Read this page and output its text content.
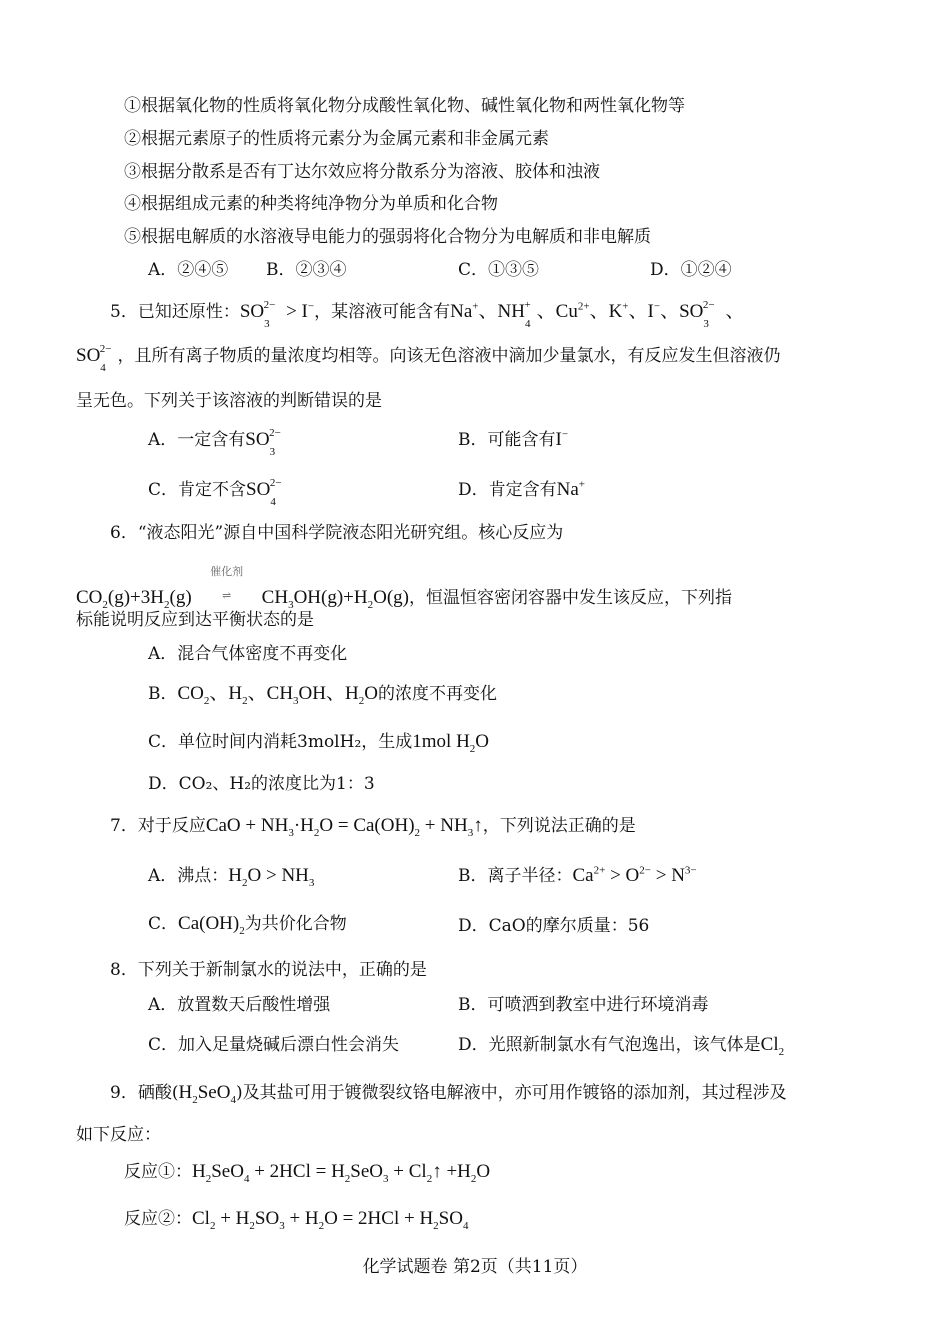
①根据氧化物的性质将氧化物分成酸性氧化物、碱性氧化物和两性氧化物等
②根据元素原子的性质将元素分为金属元素和非金属元素
③根据分散系是否有丁达尔效应将分散系分为溶液、胶体和浊液
④根据组成元素的种类将纯净物分为单质和化合物
⑤根据电解质的水溶液导电能力的强弱将化合物分为电解质和非电解质
A．②④⑤ B．②③④	C．①③⑤	D．①②④
5．已知还原性：$SO_3^{2-} > I^-$，某溶液可能含有Na+、$NH_4^+$ 、$Cu^{2+}$、K+、I−、$SO_3^{2-}$ 、
$SO_4^{2-}$ ，且所有离子物质的量浓度均相等。向该无色溶液中滴加少量氯水，有反应发生但溶液仍
呈无色。下列关于该溶液的判断错误的是
A．一定含有$SO_3^{2-}$	B．可能含有I−
C．肯定不含$SO_4^{2-}$	D．肯定含有Na+
6．“液态阳光”源自中国科学院液态阳光研究组。核心反应为
$CO_2(g)+3H_2(g)$催化剂
⇌ $CH_3OH(g)+H_2O(g)$，恒温恒容密闭容器中发生该反应，下列指
标能说明反应到达平衡状态的是
A．混合气体密度不再变化
B．$CO_2$、$H_2$、$CH_3OH$、$H_2O$的浓度不再变化
C．单位时间内消耗3molH₂，生成1mol $H_2O$
D．CO₂、H₂的浓度比为1：3
7．对于反应CaO + $NH_3\cdot H_2O = Ca(OH)_2$ + $NH_3↑$，下列说法正确的是
A．沸点：$H_2O > NH_3$	B．离子半径：$Ca^{2+} > O^{2-} > N^{3-}$
C．$Ca(OH)_2$为共价化合物	D．CaO的摩尔质量：56
8．下列关于新制氯水的说法中，正确的是
A．放置数天后酸性增强	B．可喷洒到教室中进行环境消毒
C．加入足量烧碱后漂白性会消失	D．光照新制氯水有气泡逸出，该气体是$Cl_2$
9．硒酸$(H_2SeO_4)$及其盐可用于镀微裂纹铬电解液中，亦可用作镀铬的添加剂，其过程涉及
如下反应：
反应①：$H_2SeO_4 + 2HCl = H_2SeO_3$ + $Cl_2↑ +H_2O$
反应②：$Cl_2 + H_2SO_3 + H_2O = 2HCl + H_2SO_4$
化学试题卷 第2页（共11页）
